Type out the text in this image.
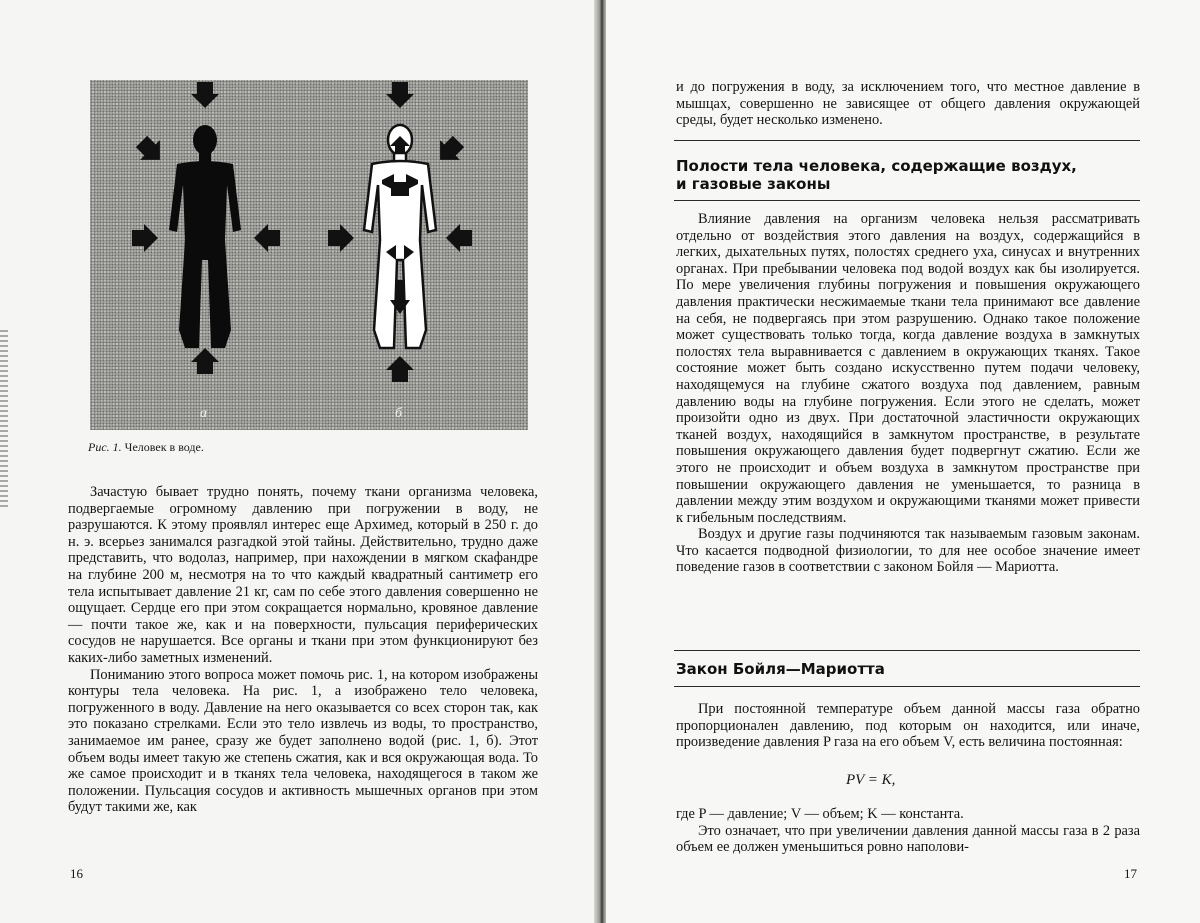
а	б
Рис. 1. Человек в воде.

Зачастую бывает трудно понять, почему ткани организма человека, подвергаемые огромному давлению при погружении в воду, не разрушаются. К этому проявлял интерес еще Архимед, который в 250 г. до н. э. всерьез занимался разгадкой этой тайны. Действительно, трудно даже представить, что водолаз, например, при нахождении в мягком скафандре на глубине 200 м, несмотря на то что каждый квадратный сантиметр его тела испытывает давление 21 кг, сам по себе этого давления совершенно не ощущает. Сердце его при этом сокращается нормально, кровяное давление — почти такое же, как и на поверхности, пульсация периферических сосудов не нарушается. Все органы и ткани при этом функционируют без каких-либо заметных изменений.

Пониманию этого вопроса может помочь рис. 1, на котором изображены контуры тела человека. На рис. 1, а изображено тело человека, погруженного в воду. Давление на него оказывается со всех сторон так, как это показано стрелками. Если это тело извлечь из воды, то пространство, занимаемое им ранее, сразу же будет заполнено водой (рис. 1, б). Этот объем воды имеет такую же степень сжатия, как и вся окружающая вода. То же самое происходит и в тканях тела человека, находящегося в таком же положении. Пульсация сосудов и активность мышечных органов при этом будут такими же, как

16

и до погружения в воду, за исключением того, что местное давление в мышцах, совершенно не зависящее от общего давления окружающей среды, будет несколько изменено.

Полости тела человека, содержащие воздух,
и газовые законы

Влияние давления на организм человека нельзя рассматривать отдельно от воздействия этого давления на воздух, содержащийся в легких, дыхательных путях, полостях среднего уха, синусах и внутренних органах. При пребывании человека под водой воздух как бы изолируется. По мере увеличения глубины погружения и повышения окружающего давления практически несжимаемые ткани тела принимают все давление на себя, не подвергаясь при этом разрушению. Однако такое положение может существовать только тогда, когда давление воздуха в замкнутых полостях тела выравнивается с давлением в окружающих тканях. Такое состояние может быть создано искусственно путем подачи человеку, находящемуся на глубине сжатого воздуха под давлением, равным давлению воды на глубине погружения. Если этого не сделать, может произойти одно из двух. При достаточной эластичности окружающих тканей воздух, находящийся в замкнутом пространстве, в результате повышения окружающего давления будет подвергнут сжатию. Если же этого не происходит и объем воздуха в замкнутом пространстве при повышении окружающего давления не уменьшается, то разница в давлении между этим воздухом и окружающими тканями может привести к гибельным последствиям.

Воздух и другие газы подчиняются так называемым газовым законам. Что касается подводной физиологии, то для нее особое значение имеет поведение газов в соответствии с законом Бойля — Мариотта.

Закон Бойля—Мариотта

При постоянной температуре объем данной массы газа обратно пропорционален давлению, под которым он находится, или иначе, произведение давления P газа на его объем V, есть величина постоянная:

PV = K,

где P — давление; V — объем; K — константа.

Это означает, что при увеличении давления данной массы газа в 2 раза объем ее должен уменьшиться ровно наполови-

17
